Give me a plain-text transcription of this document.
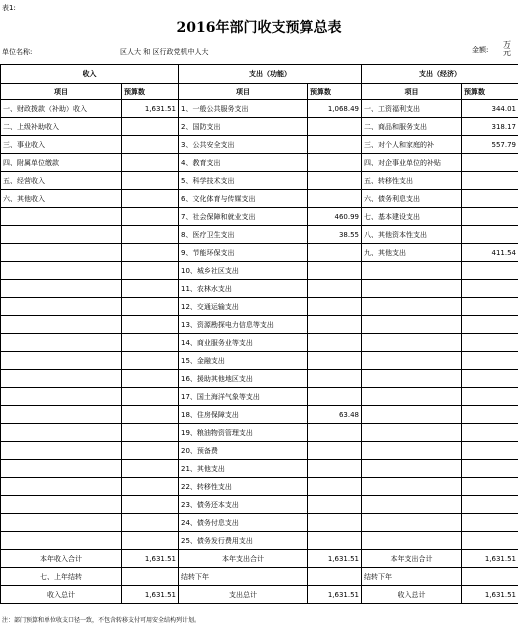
表1:
2016年部门收支预算总表
单位名称:	区人大 和 区行政党机中人大	金额:
万元
收入		支出（功能）		支出（经济）	
项目	预算数	项目	预算数	项目	预算数
一、财政拨款（补助）收入	1,631.51	1、一般公共服务支出	1,068.49	一、工资福利支出	344.01
二、上级补助收入		2、国防支出		二、商品和服务支出	318.17
三、事业收入		3、公共安全支出		三、对个人和家庭的补	557.79
四、附属单位缴款		4、教育支出		四、对企事业单位的补贴	
五、经营收入		5、科学技术支出		五、转移性支出	
六、其他收入		6、文化体育与传媒支出		六、债务利息支出	
		7、社会保障和就业支出	460.99	七、基本建设支出	
		8、医疗卫生支出	38.55	八、其他资本性支出	
		9、节能环保支出		九、其他支出	411.54
		10、城乡社区支出			
		11、农林水支出			
		12、交通运输支出			
		13、资源勘探电力信息等支出			
		14、商业服务业等支出			
		15、金融支出			
		16、援助其他地区支出			
		17、国土海洋气象等支出			
		18、住房保障支出	63.48		
		19、粮油物资管理支出			
		20、预备费			
		21、其他支出			
		22、转移性支出			
		23、债务还本支出			
		24、债务付息支出			
		25、债务发行费用支出			
本年收入合计	1,631.51	本年支出合计	1,631.51	本年支出合计	1,631.51
七、上年结转		结转下年		结转下年	
收入总计	1,631.51	支出总计	1,631.51	收入总计	1,631.51
注：部门预算和单位收支口径一致，不包含转移支付可用安全结构列计划。
